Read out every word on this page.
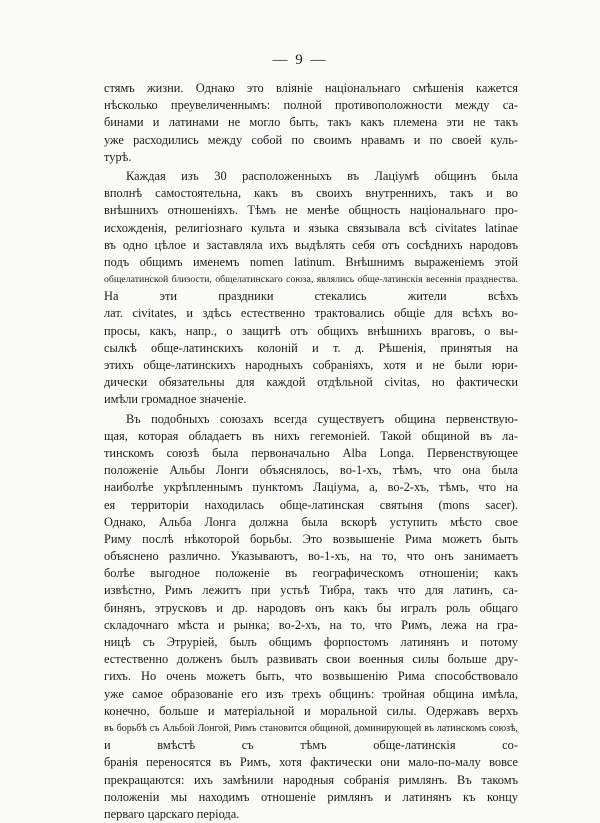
— 9 —
стямъ жизни. Однако это вліяніе національнаго смѣшенія кажется
нѣсколько преувеличеннымъ: полной противоположности между са-
бинами и латинами не могло быть, такъ какъ племена эти не такъ
уже расходились между собой по своимъ нравамъ и по своей куль-
турѣ.
Каждая изъ 30 расположенныхъ въ Лаціумѣ общинъ была
вполнѣ самостоятельна, какъ въ своихъ внутреннихъ, такъ и во
внѣшнихъ отношеніяхъ. Тѣмъ не менѣе общность національнаго про-
исхожденія, религіознаго культа и языка связывала всѣ civitates latinae
въ одно цѣлое и заставляла ихъ выдѣлять себя отъ сосѣднихъ народовъ
подъ общимъ именемъ nomen latinum. Внѣшнимъ выраженіемъ этой
общелатинской близости, общелатинскаго союза, являлись обще-латинскія весеннія празднества.
На эти праздники стекались жители всѣхъ
лат. civitates, и здѣсь естественно трактовались общіе для всѣхъ во-
просы, какъ, напр., о защитѣ отъ общихъ внѣшнихъ враговъ, о вы-
сылкѣ обще-латинскихъ колоній и т. д. Рѣшенія, принятыя на
этихъ обще-латинскихъ народныхъ собраніяхъ, хотя и не были юри-
дически обязательны для каждой отдѣльной civitas, но фактически
имѣли громадное значеніе.
Въ подобныхъ союзахъ всегда существуетъ община первенствую-
щая, которая обладаетъ въ нихъ гегемоніей. Такой общиной въ ла-
тинскомъ союзѣ была первоначально Alba Longa. Первенствующее
положеніе Альбы Лонги объяснялось, во-1-хъ, тѣмъ, что она была
наиболѣе укрѣпленнымъ пунктомъ Лаціума, а, во-2-хъ, тѣмъ, что на
ея территоріи находилась обще-латинская святыня (mons sacer).
Однако, Альба Лонга должна была вскорѣ уступить мѣсто свое
Риму послѣ нѣкоторой борьбы. Это возвышеніе Рима можетъ быть
объяснено различно. Указываютъ, во-1-хъ, на то, что онъ занимаетъ
болѣе выгодное положеніе въ географическомъ отношеніи; какъ
извѣстно, Римъ лежитъ при устьѣ Тибра, такъ что для латинъ, са-
бинянъ, этрусковъ и др. народовъ онъ какъ бы игралъ роль общаго
складочнаго мѣста и рынка; во-2-хъ, на то, что Римъ, лежа на гра-
ницѣ съ Этруріей, былъ общимъ форпостомъ латинянъ и потому
естественно долженъ былъ развивать свои военныя силы больше дру-
гихъ. Но очень можетъ быть, что возвышенію Рима способствовало
уже самое образованіе его изъ трехъ общинъ: тройная община имѣла,
конечно, больше и матеріальной и моральной силы. Одержавъ верхъ
въ борьбѣ съ Альбой Лонгой, Римъ становится общиной, доминирующей въ латинскомъ союзѣ,
и вмѣстѣ съ тѣмъ обще-латинскія со-
бранія переносятся въ Римъ, хотя фактически они мало-по-малу вовсе
прекращаются: ихъ замѣнили народныя собранія римлянъ. Въ такомъ
положеніи мы находимъ отношеніе римлянъ и латинянъ къ концу
перваго царскаго періода.
